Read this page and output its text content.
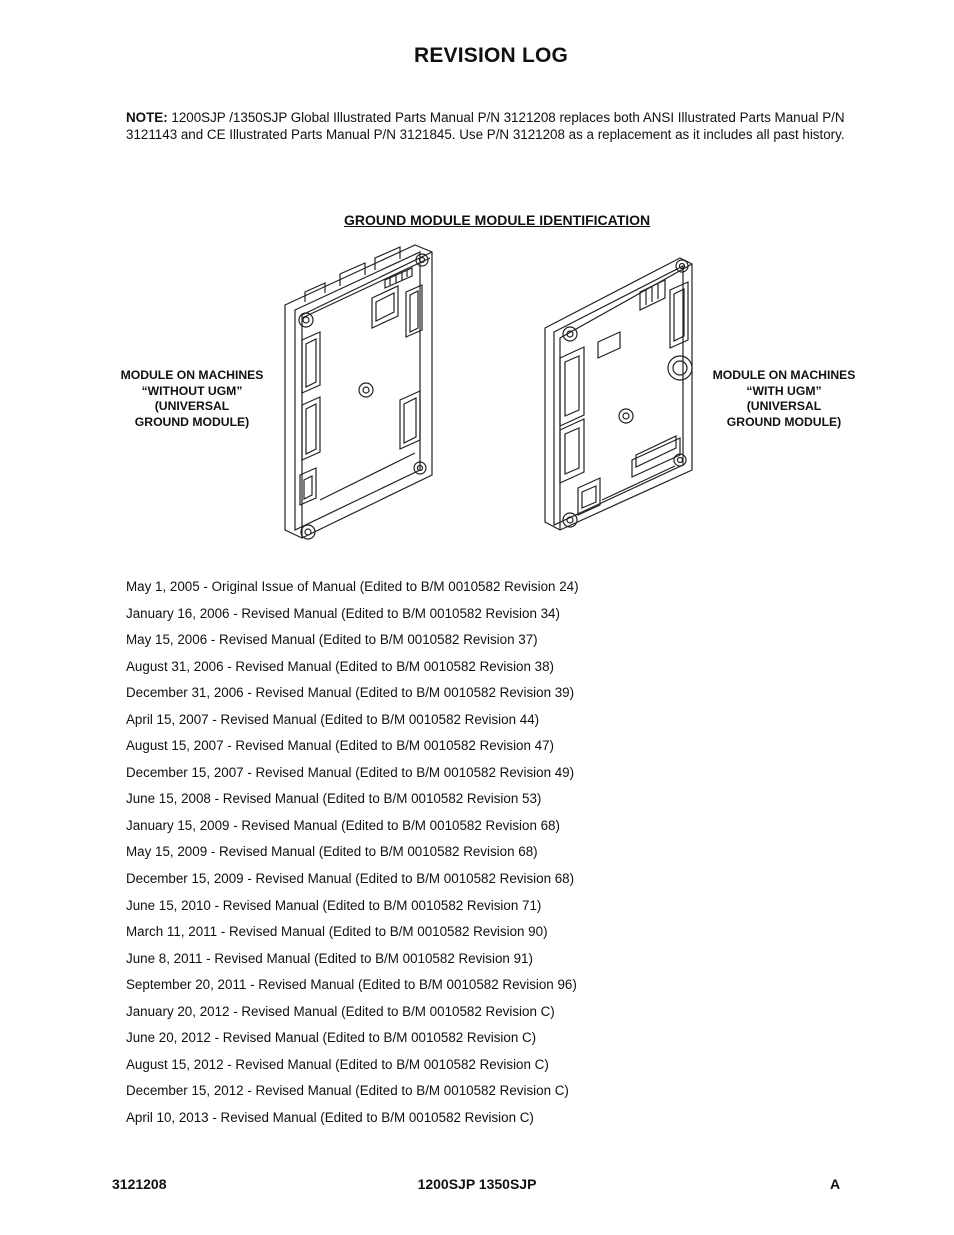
REVISION LOG
NOTE: 1200SJP /1350SJP Global Illustrated Parts Manual P/N 3121208 replaces both ANSI Illustrated Parts Manual P/N 3121143 and CE Illustrated Parts Manual P/N 3121845. Use P/N 3121208 as a replacement as it includes all past history.
GROUND MODULE MODULE IDENTIFICATION
MODULE ON MACHINES
“WITHOUT UGM”
(UNIVERSAL
GROUND MODULE)
MODULE ON MACHINES
“WITH UGM”
(UNIVERSAL
GROUND MODULE)
May 1, 2005 - Original Issue of Manual (Edited to B/M 0010582 Revision 24)
January 16, 2006 - Revised Manual (Edited to B/M 0010582 Revision 34)
May 15, 2006 - Revised Manual (Edited to B/M 0010582 Revision 37)
August 31, 2006 - Revised Manual (Edited to B/M 0010582 Revision 38)
December 31, 2006 - Revised Manual (Edited to B/M 0010582 Revision 39)
April 15, 2007 - Revised Manual (Edited to B/M 0010582 Revision 44)
August 15, 2007 - Revised Manual (Edited to B/M 0010582 Revision 47)
December 15, 2007 - Revised Manual (Edited to B/M 0010582 Revision 49)
June 15, 2008 - Revised Manual (Edited to B/M 0010582 Revision 53)
January 15, 2009 - Revised Manual (Edited to B/M 0010582 Revision 68)
May 15, 2009 - Revised Manual (Edited to B/M 0010582 Revision 68)
December 15, 2009 - Revised Manual (Edited to B/M 0010582 Revision 68)
June 15, 2010 - Revised Manual (Edited to B/M 0010582 Revision 71)
March 11, 2011 - Revised Manual (Edited to B/M 0010582 Revision 90)
June 8, 2011 - Revised Manual (Edited to B/M 0010582 Revision 91)
September 20, 2011 - Revised Manual (Edited to B/M 0010582 Revision 96)
January 20, 2012 - Revised Manual (Edited to B/M 0010582 Revision C)
June 20, 2012 - Revised Manual (Edited to B/M 0010582 Revision C)
August 15, 2012 - Revised Manual (Edited to B/M 0010582 Revision C)
December 15, 2012 - Revised Manual (Edited to B/M 0010582 Revision C)
April 10, 2013 - Revised Manual (Edited to B/M 0010582 Revision C)
3121208	1200SJP 1350SJP	A
